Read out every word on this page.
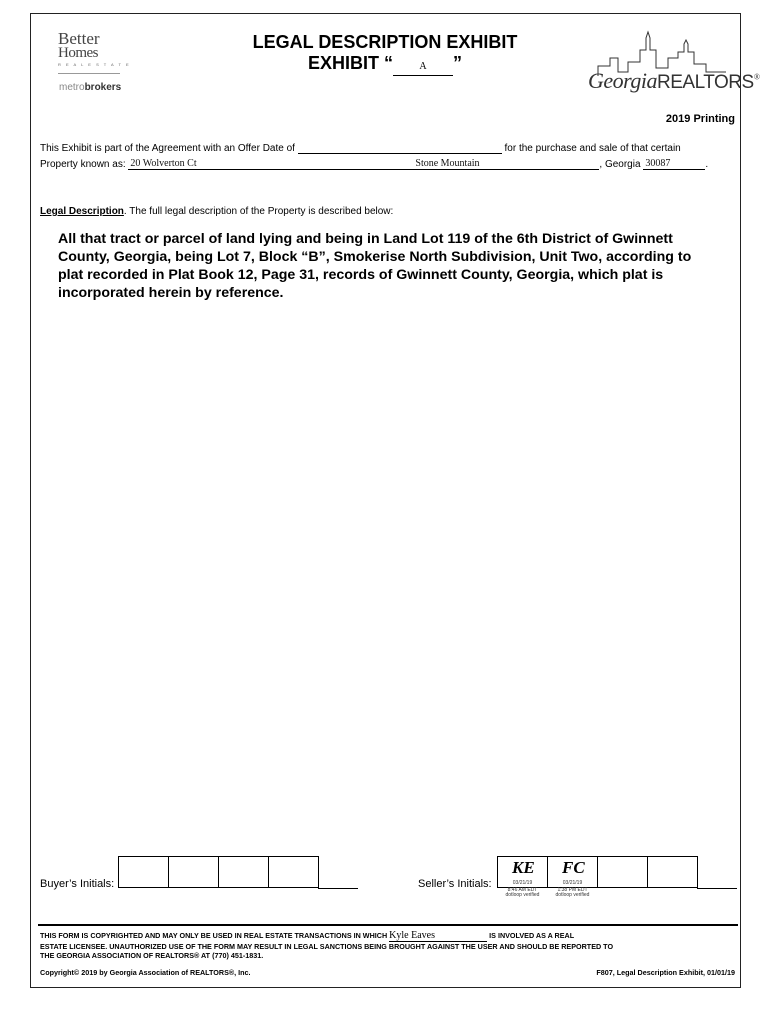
Better
Homes
R E A L E S T A T E
metrobrokers
LEGAL DESCRIPTION EXHIBIT
EXHIBIT “	A ”
GeorgiaREALTORS®
2019 Printing
This Exhibit is part of the Agreement with an Offer Date of	for the purchase and sale of that certain
Property known as: 20 Wolverton Ct	Stone Mountain	, Georgia 30087	.
Legal Description. The full legal description of the Property is described below:
All that tract or parcel of land lying and being in Land Lot 119 of the 6th District of Gwinnett County, Georgia, being Lot 7, Block “B”, Smokerise North Subdivision, Unit Two, according to plat recorded in Plat Book 12, Page 31, records of Gwinnett County, Georgia, which plat is incorporated herein by reference.
Buyer’s Initials:	Seller’s Initials:
KE
03/21/19
8:46 AM EDT
dotloop verified
FC
03/21/19
1:38 PM EDT
dotloop verified
THIS FORM IS COPYRIGHTED AND MAY ONLY BE USED IN REAL ESTATE TRANSACTIONS IN WHICH Kyle Eaves	IS INVOLVED AS A REAL
ESTATE LICENSEE. UNAUTHORIZED USE OF THE FORM MAY RESULT IN LEGAL SANCTIONS BEING BROUGHT AGAINST THE USER AND SHOULD BE REPORTED TO
THE GEORGIA ASSOCIATION OF REALTORS® AT (770) 451-1831.
Copyright© 2019 by Georgia Association of REALTORS®, Inc.	F807, Legal Description Exhibit, 01/01/19
